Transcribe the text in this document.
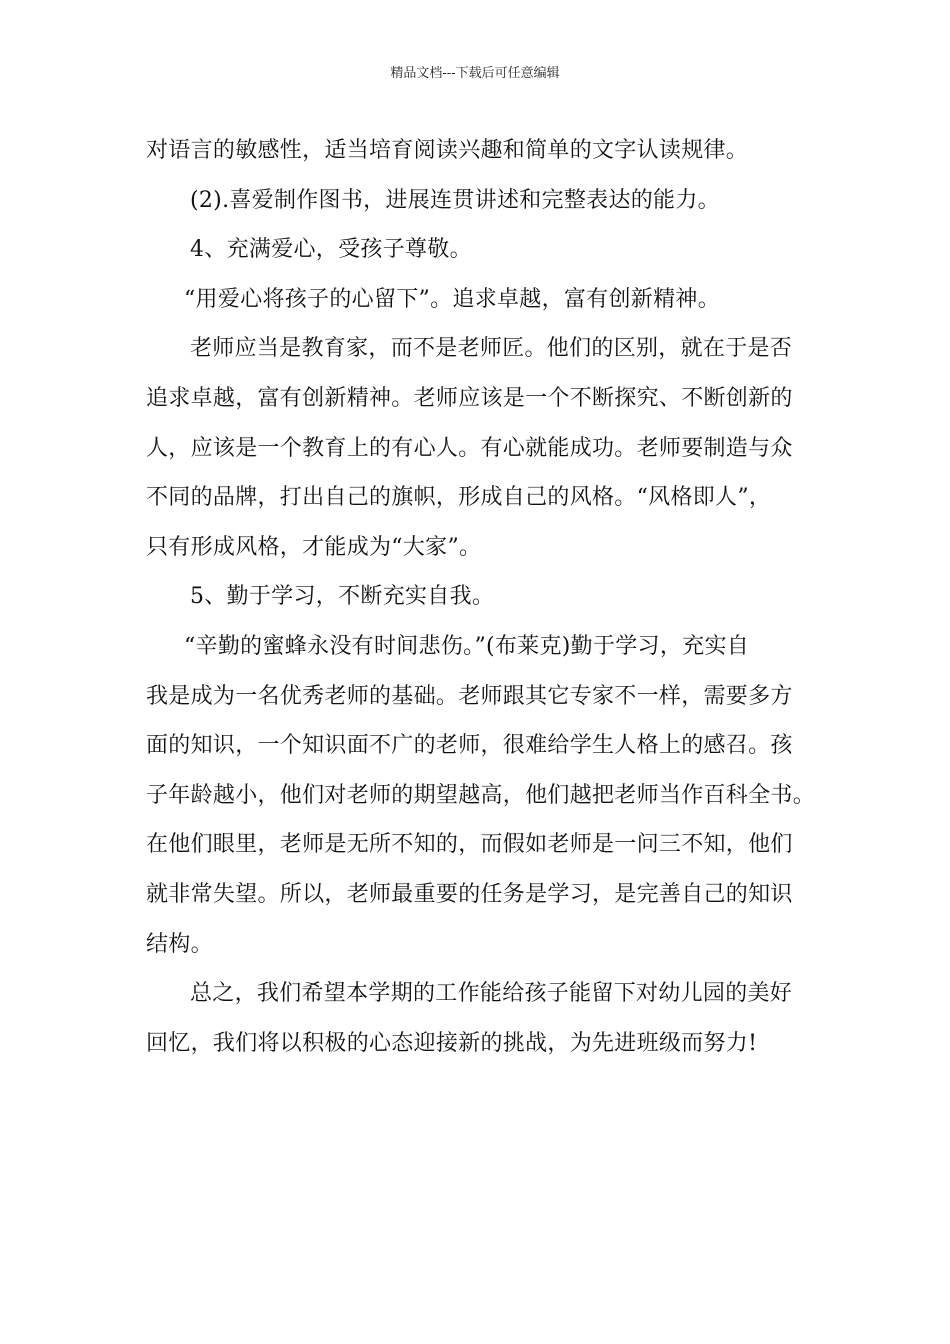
精品文档---下载后可任意编辑
对语言的敏感性，适当培育阅读兴趣和简单的文字认读规律。
(2).喜爱制作图书，进展连贯讲述和完整表达的能力。
4、充满爱心，受孩子尊敬。
“用爱心将孩子的心留下”。追求卓越，富有创新精神。
老师应当是教育家，而不是老师匠。他们的区别，就在于是否
追求卓越，富有创新精神。老师应该是一个不断探究、不断创新的
人，应该是一个教育上的有心人。有心就能成功。老师要制造与众
不同的品牌，打出自己的旗帜，形成自己的风格。“风格即人”，
只有形成风格，才能成为“大家”。
5、勤于学习，不断充实自我。
“辛勤的蜜蜂永没有时间悲伤。”(布莱克)勤于学习，充实自
我是成为一名优秀老师的基础。老师跟其它专家不一样，需要多方
面的知识，一个知识面不广的老师，很难给学生人格上的感召。孩
子年龄越小，他们对老师的期望越高，他们越把老师当作百科全书。
在他们眼里，老师是无所不知的，而假如老师是一问三不知，他们
就非常失望。所以，老师最重要的任务是学习，是完善自己的知识
结构。
总之，我们希望本学期的工作能给孩子能留下对幼儿园的美好
回忆，我们将以积极的心态迎接新的挑战，为先进班级而努力!
